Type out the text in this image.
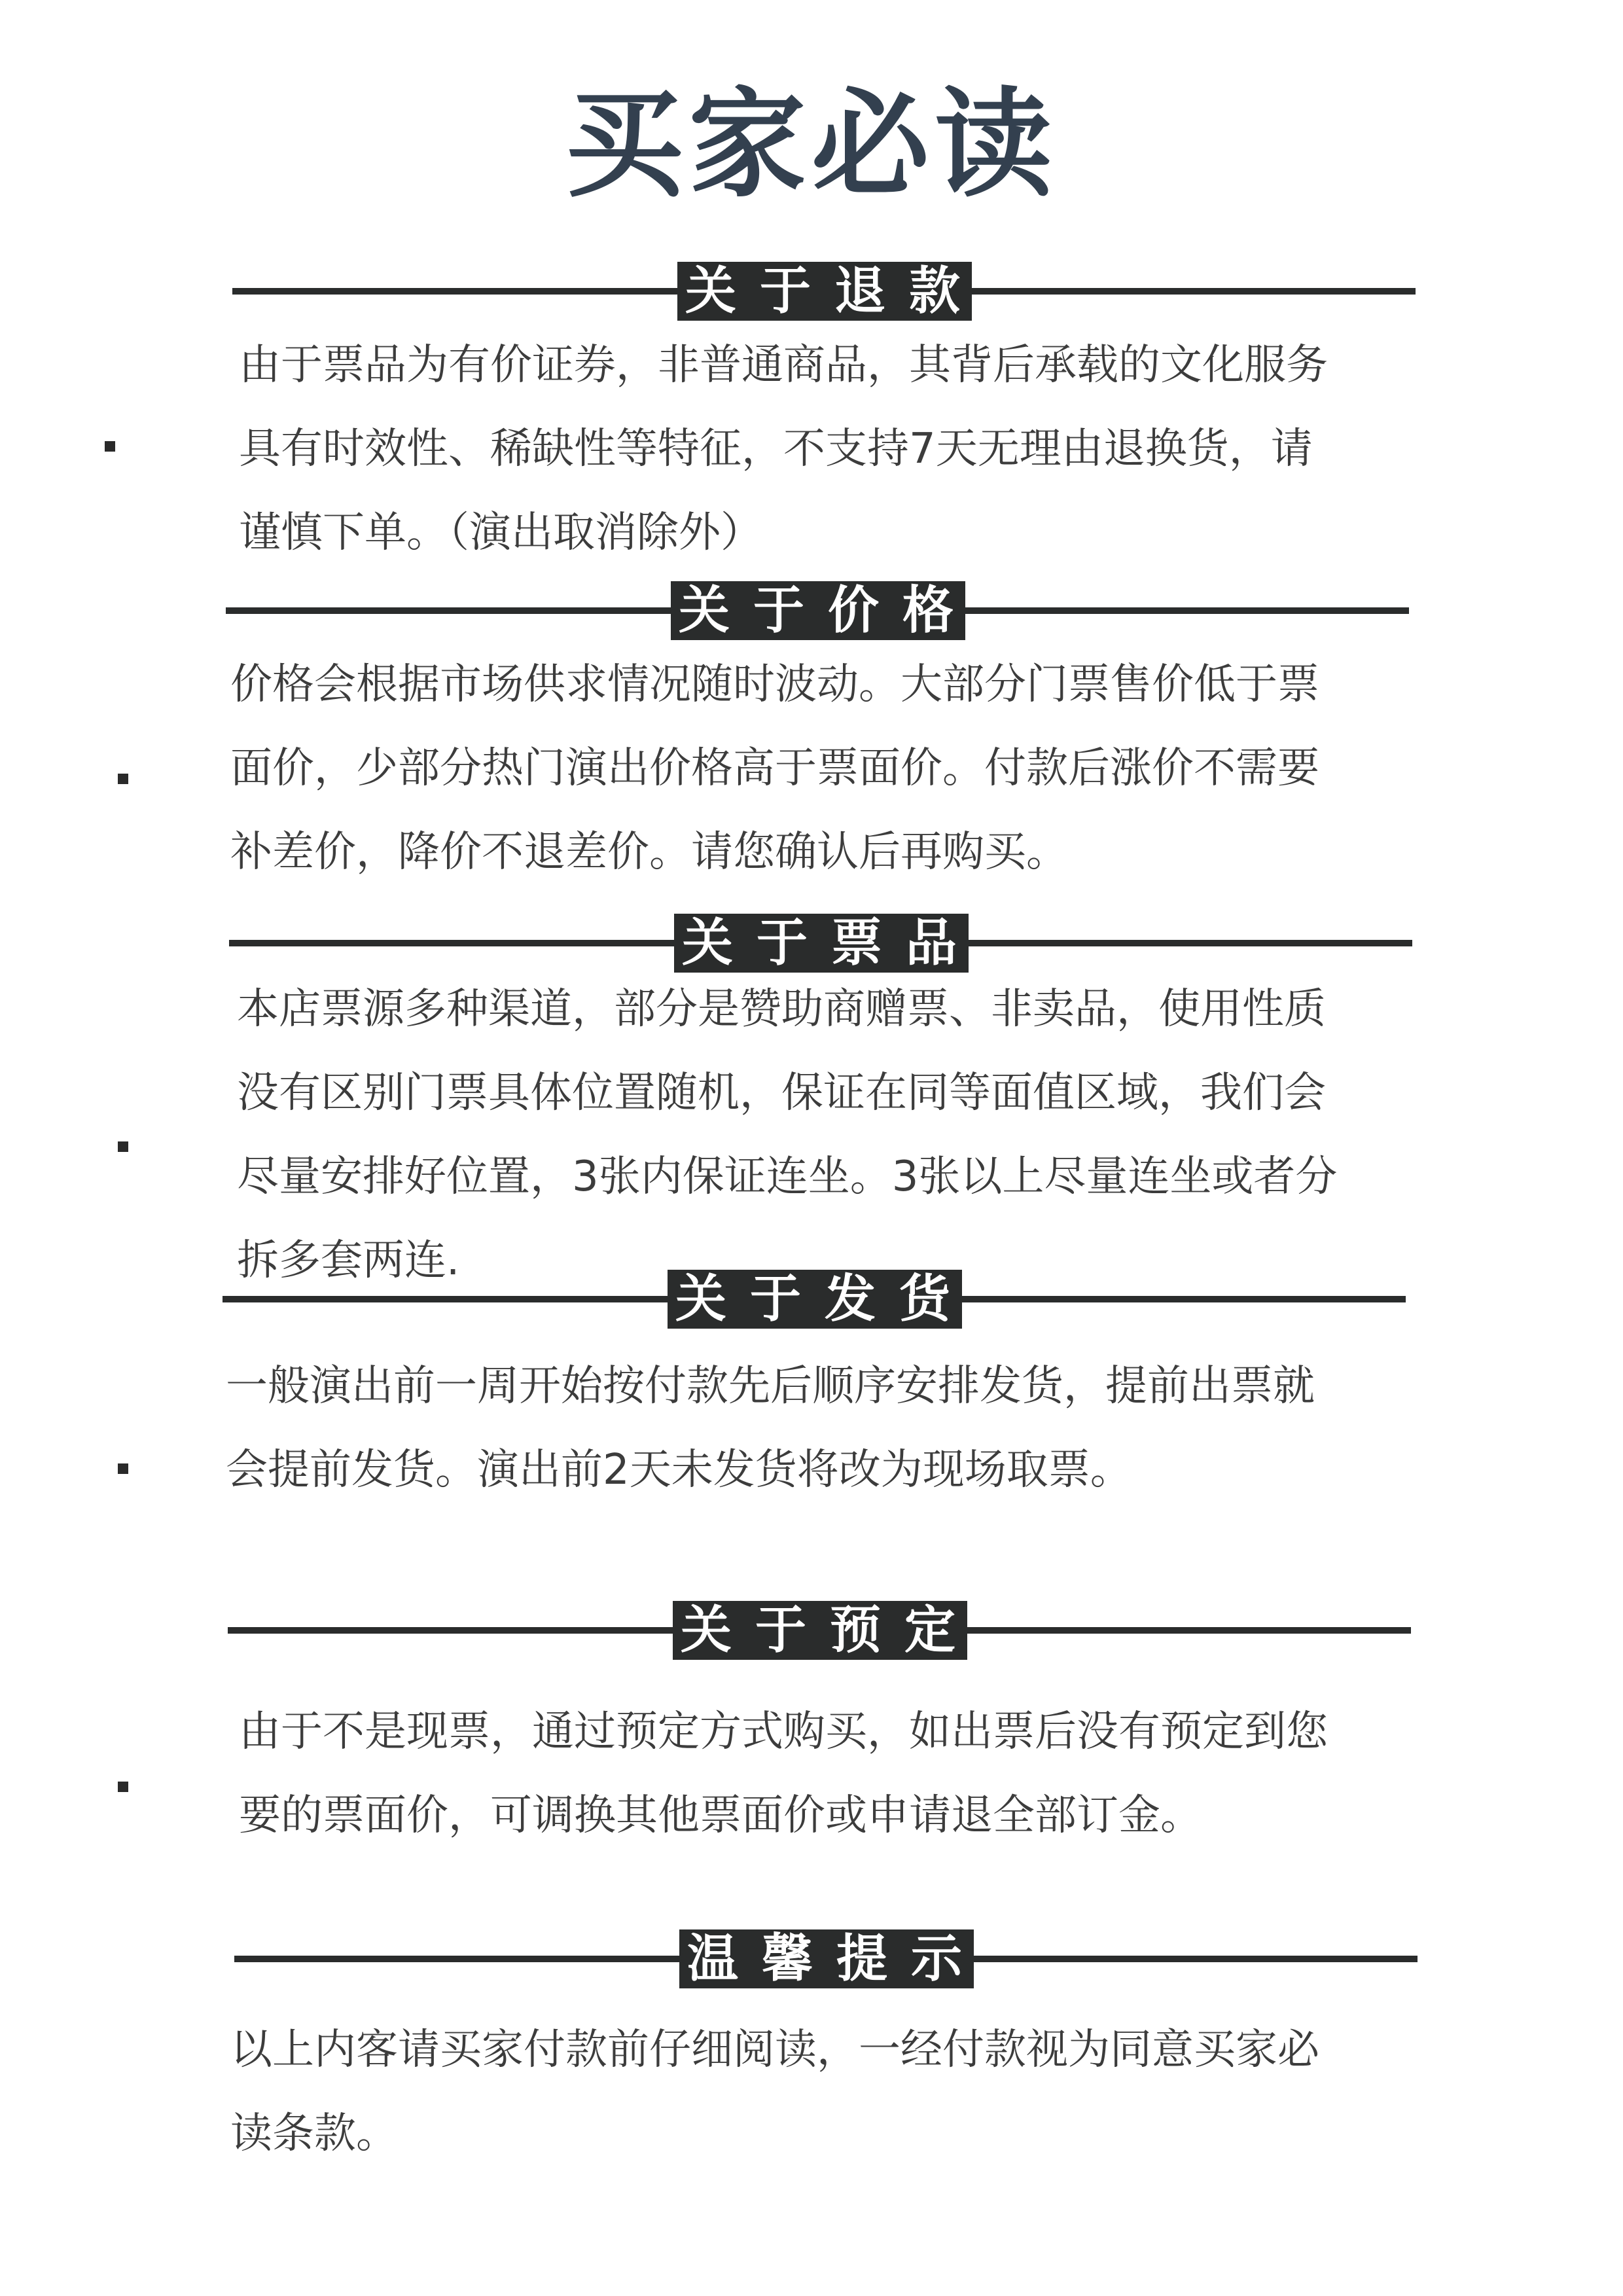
买家必读
关于退款
由于票品为有价证券，非普通商品，其背后承载的文化服务
具有时效性、稀缺性等特征，不支持7天无理由退换货，请
谨慎下单。（演出取消除外）
关于价格
价格会根据市场供求情况随时波动。大部分门票售价低于票
面价，少部分热门演出价格高于票面价。付款后涨价不需要
补差价，降价不退差价。请您确认后再购买。
关于票品
本店票源多种渠道，部分是赞助商赠票、非卖品，使用性质
没有区别门票具体位置随机，保证在同等面值区域，我们会
尽量安排好位置，3张内保证连坐。3张以上尽量连坐或者分
拆多套两连.
关于发货
一般演出前一周开始按付款先后顺序安排发货，提前出票就
会提前发货。演出前2天未发货将改为现场取票。
关于预定
由于不是现票，通过预定方式购买，如出票后没有预定到您
要的票面价，可调换其他票面价或申请退全部订金。
温馨提示
以上内客请买家付款前仔细阅读，一经付款视为同意买家必
读条款。
